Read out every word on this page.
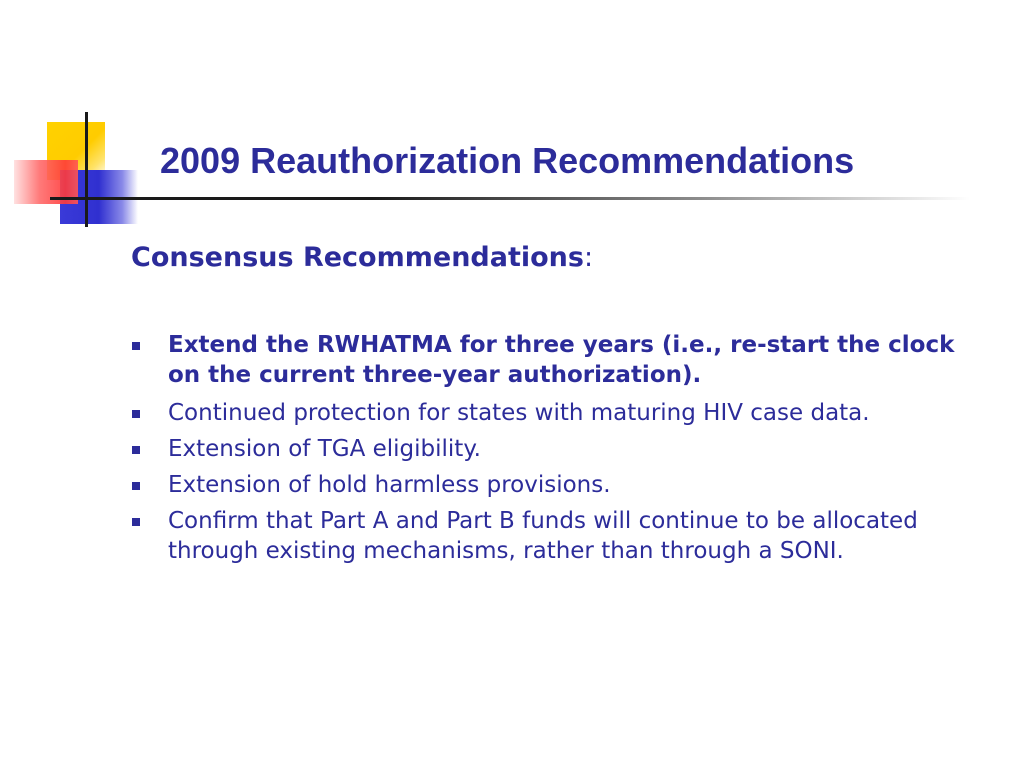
2009 Reauthorization Recommendations
Consensus Recommendations:
Extend the RWHATMA for three years (i.e., re-start the clock on the current three-year authorization).
Continued protection for states with maturing HIV case data.
Extension of TGA eligibility.
Extension of hold harmless provisions.
Confirm that Part A and Part B funds will continue to be allocated through existing mechanisms, rather than through a SONI.
